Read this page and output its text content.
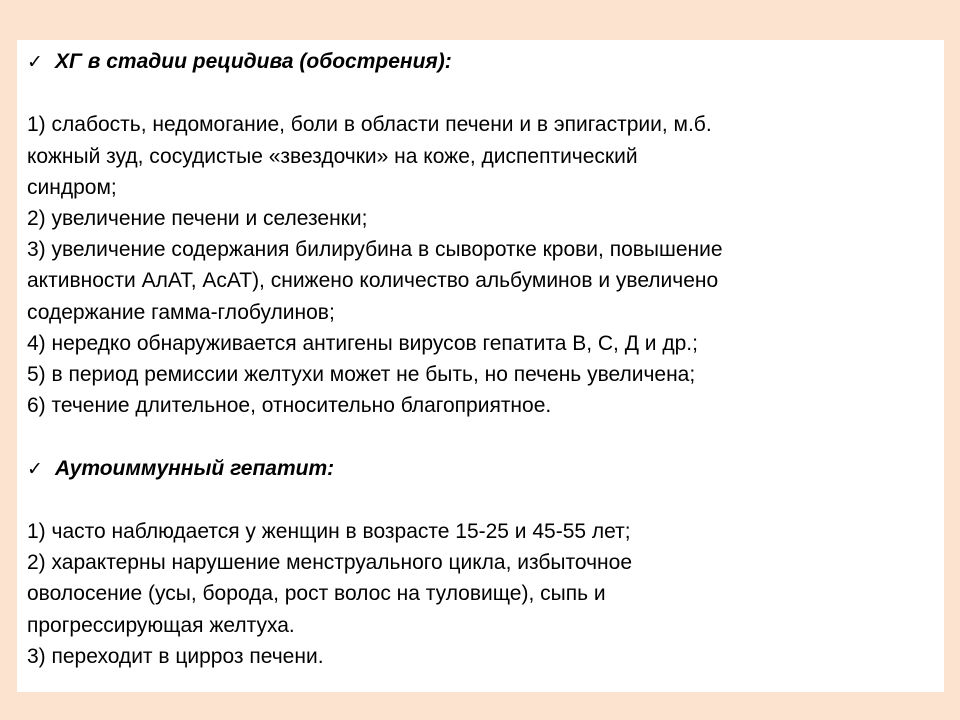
✓ ХГ в стадии рецидива (обострения):
1) слабость, недомогание, боли в области печени и в эпигастрии, м.б.
кожный зуд, сосудистые «звездочки» на коже, диспептический
синдром;
2) увеличение печени и селезенки;
3) увеличение содержания билирубина в сыворотке крови, повышение
активности АлАТ, АсАТ), снижено количество альбуминов и увеличено
содержание гамма-глобулинов;
4) нередко обнаруживается антигены вирусов гепатита В, С, Д и др.;
5) в период ремиссии желтухи может не быть, но печень увеличена;
6) течение длительное, относительно благоприятное.
✓ Аутоиммунный гепатит:
1) часто наблюдается у женщин в возрасте 15-25 и 45-55 лет;
2) характерны нарушение менструального цикла, избыточное
оволосение (усы, борода, рост волос на туловище), сыпь и
прогрессирующая желтуха.
3) переходит в цирроз печени.
